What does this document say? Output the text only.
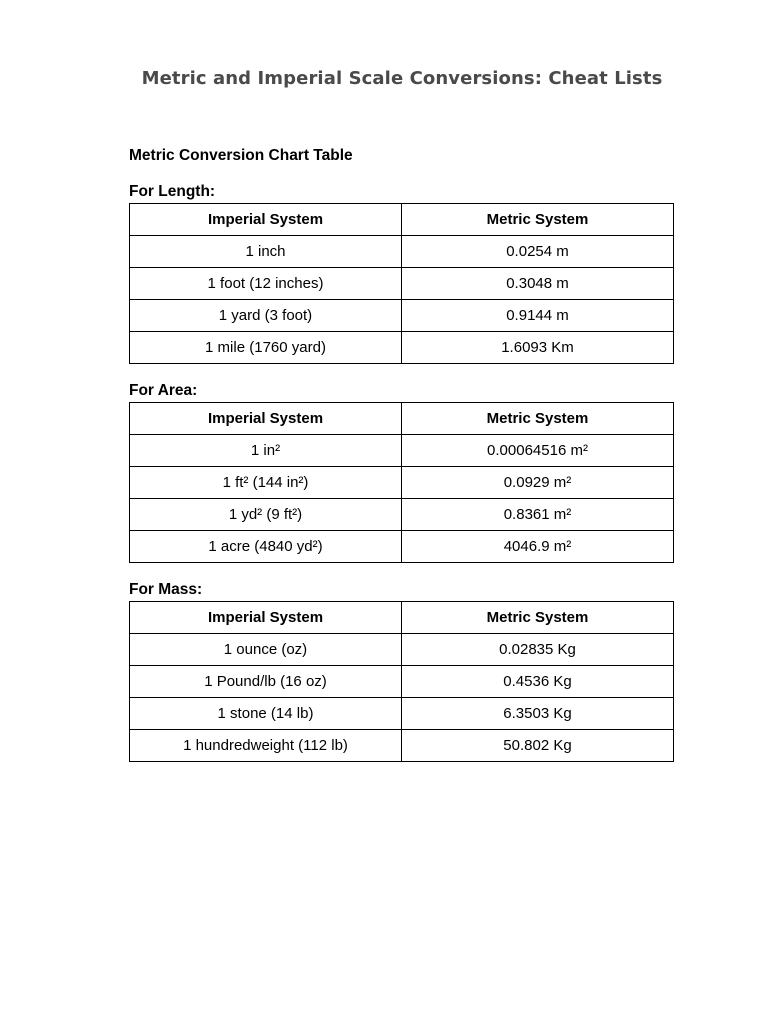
Metric and Imperial Scale Conversions: Cheat Lists
Metric Conversion Chart Table
For Length:
Imperial System	Metric System
1 inch	0.0254 m
1 foot (12 inches)	0.3048 m
1 yard (3 foot)	0.9144 m
1 mile (1760 yard)	1.6093 Km
For Area:
Imperial System	Metric System
1 in²	0.00064516 m²
1 ft² (144 in²)	0.0929 m²
1 yd² (9 ft²)	0.8361 m²
1 acre (4840 yd²)	4046.9 m²
For Mass:
Imperial System	Metric System
1 ounce (oz)	0.02835 Kg
1 Pound/lb (16 oz)	0.4536 Kg
1 stone (14 lb)	6.3503 Kg
1 hundredweight (112 lb)	50.802 Kg
